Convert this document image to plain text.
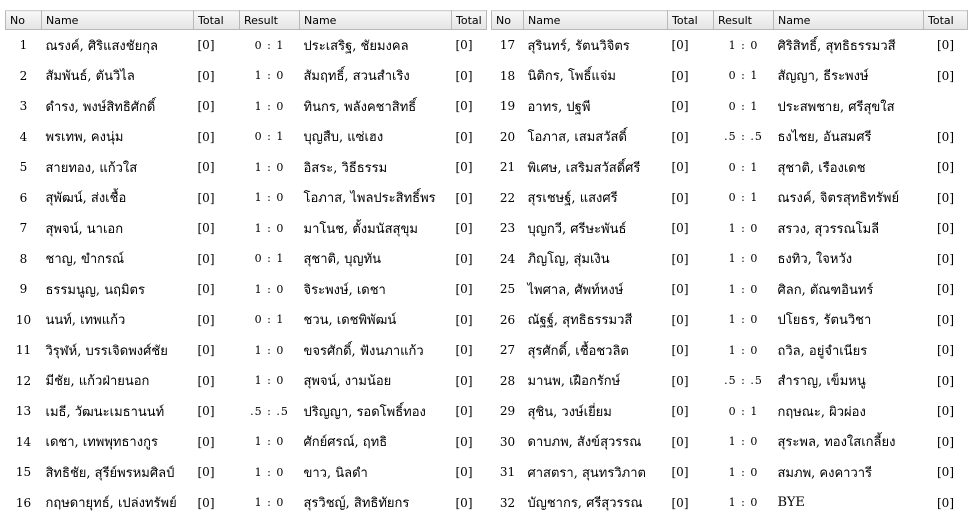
No	Name	Total	Result	Name	Total
1	ณรงค์, ศิริแสงชัยกุล	[0]	0 : 1	ประเสริฐ, ชัยมงคล	[0]
2	สัมพันธ์, ตันวิไล	[0]	1 : 0	สัมฤทธิ์, สวนสำเริง	[0]
3	ดำรง, พงษ์สิทธิศักดิ์	[0]	1 : 0	ทินกร, พลังคชาสิทธิ์	[0]
4	พรเทพ, คงนุ่ม	[0]	0 : 1	บุญสืบ, แซ่เฮง	[0]
5	สายทอง, แก้วใส	[0]	1 : 0	อิสระ, วิธีธรรม	[0]
6	สุพัฒน์, ส่งเชื้อ	[0]	1 : 0	โอภาส, ไพลประสิทธิ์พร	[0]
7	สุพจน์, นาเอก	[0]	1 : 0	มาโนช, ตั้งมนัสสุขุม	[0]
8	ชาญ, ขำกรณ์	[0]	0 : 1	สุชาติ, บุญทัน	[0]
9	ธรรมนูญ, นฤมิตร	[0]	1 : 0	จิระพงษ์, เดชา	[0]
10	นนท์, เทพแก้ว	[0]	0 : 1	ชวน, เดชพิพัฒน์	[0]
11	วิรุฬห์, บรรเจิดพงศ์ชัย	[0]	1 : 0	ขจรศักดิ์, ฟังนภาแก้ว	[0]
12	มีชัย, แก้วฝ่ายนอก	[0]	1 : 0	สุพจน์, งามน้อย	[0]
13	เมธี, วัฒนะเมธานนท์	[0]	.5 : .5	ปริญญา, รอดโพธิ์ทอง	[0]
14	เดชา, เทพพุทธางกูร	[0]	1 : 0	ศักย์ศรณ์, ฤทธิ	[0]
15	สิทธิชัย, สุรีย์พรหมศิลป์	[0]	1 : 0	ขาว, นิลดำ	[0]
16	กฤษดายุทธ์, เปล่งทรัพย์	[0]	1 : 0	สุรวิชญ์, สิทธิทัยกร	[0]
No	Name	Total	Result	Name	Total
17	สุรินทร์, รัตนวิจิตร	[0]	1 : 0	ศิริสิทธิ์, สุทธิธรรมวสี	[0]
18	นิติกร, โพธิ์แจ่ม	[0]	0 : 1	สัญญา, ธีระพงษ์	[0]
19	อาทร, ปฐพี	[0]	0 : 1	ประสพชาย, ศรีสุขใส	
20	โอภาส, เสมสวัสดิ์	[0]	.5 : .5	ธงไชย, อันสมศรี	[0]
21	พิเศษ, เสริมสวัสดิ์ศรี	[0]	0 : 1	สุชาติ, เรืองเดช	[0]
22	สุรเชษฐ์, แสงศรี	[0]	0 : 1	ณรงค์, จิตรสุทธิทรัพย์	[0]
23	บุญกวี, ศรีษะพันธ์	[0]	1 : 0	สรวง, สุวรรณโมลี	[0]
24	ภิญโญ, สุ่มเงิน	[0]	1 : 0	ธงทิว, ใจหวัง	[0]
25	ไพศาล, ศัพท์หงษ์	[0]	1 : 0	ศิลก, ตัณฑอินทร์	[0]
26	ณัฐฐ์, สุทธิธรรมวสี	[0]	1 : 0	ปโยธร, รัตนวิชา	[0]
27	สุรศักดิ์, เชื้อชวลิต	[0]	1 : 0	ถวิล, อยู่จำเนียร	[0]
28	มานพ, เฝือกรักษ์	[0]	.5 : .5	สำราญ, เข็มหนู	[0]
29	สุชิน, วงษ์เยี่ยม	[0]	0 : 1	กฤษณะ, ผิวผ่อง	[0]
30	ดาบภพ, สังข์สุวรรณ	[0]	1 : 0	สุระพล, ทองใสเกลี้ยง	[0]
31	ศาสตรา, สุนทรวิภาต	[0]	1 : 0	สมภพ, คงคาวารี	[0]
32	บัญชากร, ศรีสุวรรณ	[0]	1 : 0	BYE	[0]
